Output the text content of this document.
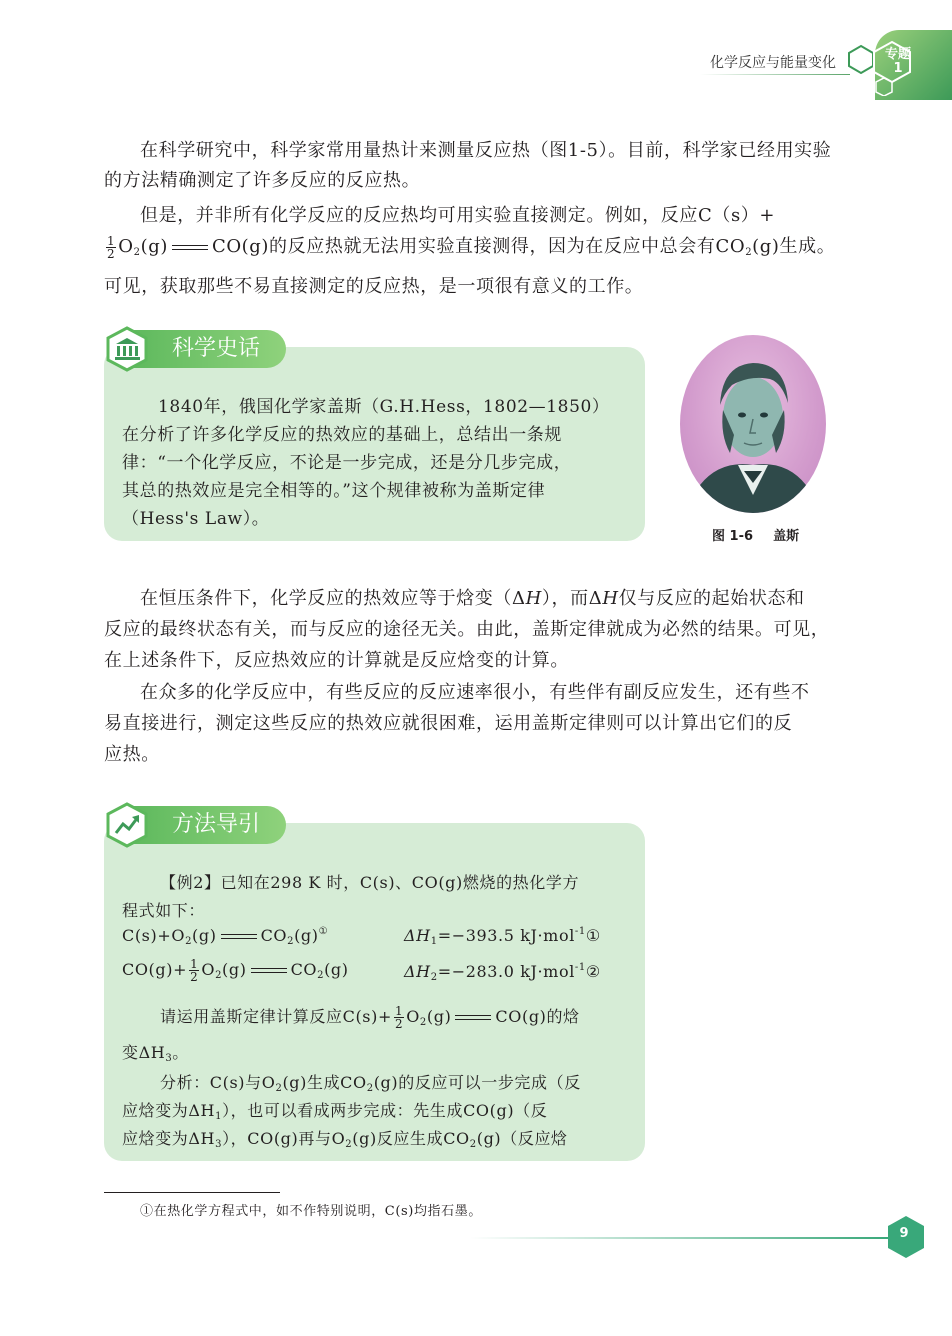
化学反应与能量变化
专题
1
在科学研究中，科学家常用量热计来测量反应热（图1-5）。目前，科学家已经用实验
的方法精确测定了许多反应的反应热。
但是，并非所有化学反应的反应热均可用实验直接测定。例如，反应C（s）+
$\frac{1}{2} O_2(g)$ CO(g)的反应热就无法用实验直接测得，因为在反应中总会有$CO_2(g)$生成。
可见，获取那些不易直接测定的反应热，是一项很有意义的工作。
科学史话
1840年，俄国化学家盖斯（G.H.Hess，1802—1850）
在分析了许多化学反应的热效应的基础上，总结出一条规
律：“一个化学反应，不论是一步完成，还是分几步完成，
其总的热效应是完全相等的。”这个规律被称为盖斯定律
（Hess's Law）。
图 1-6 盖斯
在恒压条件下，化学反应的热效应等于焓变（ΔH），而ΔH仅与反应的起始状态和
反应的最终状态有关，而与反应的途径无关。由此，盖斯定律就成为必然的结果。可见，
在上述条件下，反应热效应的计算就是反应焓变的计算。
在众多的化学反应中，有些反应的反应速率很小，有些伴有副反应发生，还有些不
易直接进行，测定这些反应的热效应就很困难，运用盖斯定律则可以计算出它们的反
应热。
方法导引
【例2】已知在298 K 时，C(s)、CO(g)燃烧的热化学方
程式如下：
$C(s)+O_2(g)$	$CO_2(g)^①$	$\Delta H_1=-393.5$ kJ·mol$^{-1}$①
$CO(g)+ \frac{1}{2} O_2(g)$	$CO_2(g)$	$\Delta H_2=-283.0$ kJ·mol$^{-1}$②
请运用盖斯定律计算反应$C(s)+ \frac{1}{2} O_2(g)$	CO(g)的焓
变$\Delta H_3$。
分析：C(s)与$O_2(g)$生成$CO_2(g)$的反应可以一步完成（反
应焓变为$\Delta H_1$），也可以看成两步完成：先生成CO(g)（反
应焓变为$\Delta H_3$），CO(g)再与$O_2(g)$反应生成$CO_2(g)$（反应焓
①在热化学方程式中，如不作特别说明，C(s)均指石墨。
9
